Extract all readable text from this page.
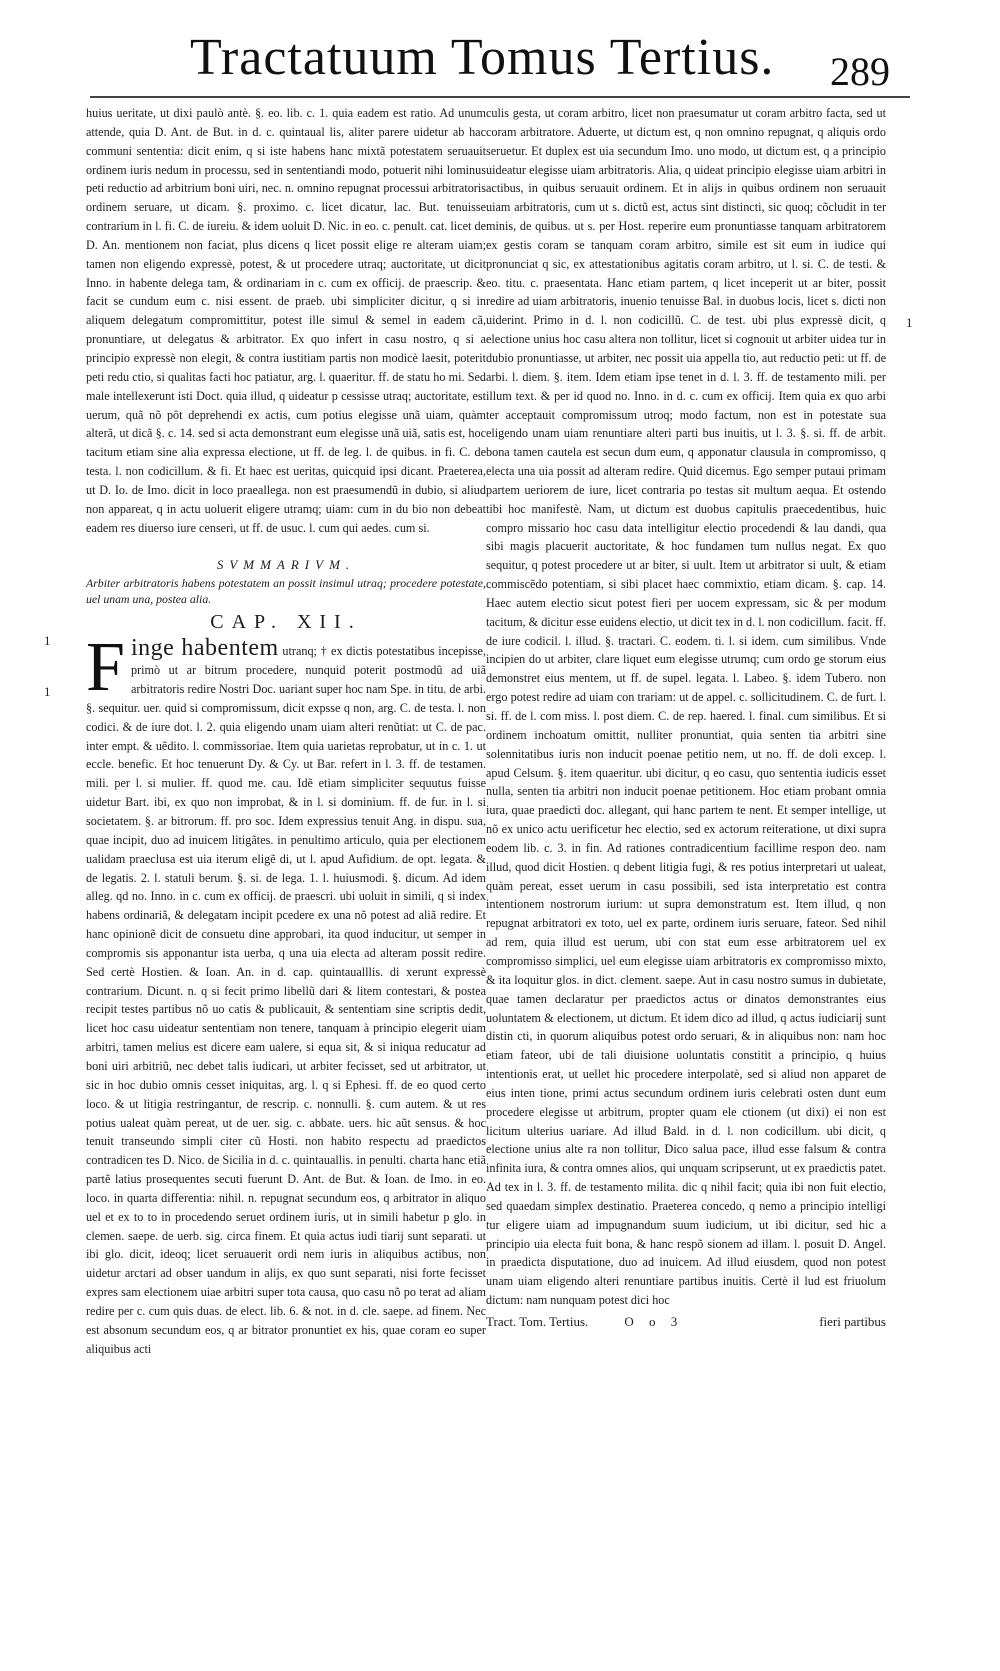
Tractatuum Tomus Tertius.	289

huius ueritate, ut dixi paulò antè. §. eo. lib. c. 1. quia eadem est ratio. Ad unum attende, quia D. Ant. de But. in d. c. quintaual lis, aliter parere uidetur ab hac communi sententia: dicit enim, q si iste habens hanc mixtã potestatem seruauit ordinem iuris nedum in processu, sed in sententiandi modo, potuerit nihi lominus peti reductio ad arbitrium boni uiri, nec. n. omnino repugnat processui arbitratoris ordinem seruare, ut dicam. §. proximo. c. licet dicatur, lac. But. tenuisse contrarium in l. fi. C. de iureiu. & idem uoluit D. Nic. in eo. c. penult. cat. licet de D. An. mentionem non faciat, plus dicens q licet possit elige re alteram uiam; tamen non eligendo expressè, potest, & ut procedere utraq; auctoritate, ut dicit Inno. in habente delega tam, & ordinariam in c. cum ex officij. de praescrip. & facit se cundum eum c. nisi essent. de praeb. ubi simpliciter dicitur, q si in aliquem delegatum compromittitur, potest ille simul & semel in eadem cã, pronuntiare, ut delegatus & arbitrator. Ex quo infert in casu nostro, q si a principio expressè non elegit, & contra iustitiam partis non modicè laesit, poterit peti redu ctio, si qualitas facti hoc patiatur, arg. l. quaeritur. ff. de statu ho mi. Sed male intellexerunt isti Doct. quia illud, q uideatur p cessisse utraq; auctoritate, est uerum, quã nõ pôt deprehendi ex actis, cum potius elegisse unã uiam, quàm alterã, ut dicã §. c. 14. sed si acta demonstrant eum elegisse unã uiã, satis est, hoc tacitum etiam sine alia expressa electione, ut ff. de leg. l. de quibus. in fi. C. de testa. l. non codicillum. & fi. Et haec est ueritas, quicquid ipsi dicant. Praeterea, ut D. Io. de Imo. dicit in loco praeallega. non est praesumendũ in dubio, si aliud non appareat, q in actu uoluerit eligere utramq; uiam: cum in du bio non debeat eadem res diuerso iure censeri, ut ff. de usuc. l. cum qui aedes. cum si.

SVMMARIVM.

Arbiter arbitratoris habens potestatem an possit insimul utraq; procedere potestate, uel unam una, postea alia.

CAP. XII.

Finge habentem utranq; † ex dictis potestatibus incepisse, primò ut ar bitrum procedere, nunquid poterit postmodû ad uiã arbitratoris redire Nostri Doc. uariant super hoc nam Spe. in titu. de arbi. §. sequitur. uer. quid si compromissum, dicit expsse q non, arg. C. de testa. l. non codici. & de iure dot. l. 2. quia eligendo unam uiam alteri renũtiat: ut C. de pac. inter empt. & uẽdito. l. commissoriae. Item quia uarietas reprobatur, ut in c. 1. ut eccle. benefic. Et hoc tenuerunt Dy. & Cy. ut Bar. refert in l. 3. ff. de testamen. mili. per l. si mulier. ff. quod me. cau. Idẽ etiam simpliciter sequutus fuisse uidetur Bart. ibi, ex quo non improbat, & in l. si dominium. ff. de fur. in l. si societatem. §. ar bitrorum. ff. pro soc. Idem expressius tenuit Ang. in dispu. sua, quae incipit, duo ad inuicem litigãtes. in penultimo articulo, quia per electionem ualidam praeclusa est uia iterum eligẽ di, ut l. apud Aufidium. de opt. legata. & de legatis. 2. l. statuli berum. §. si. de lega. 1. l. huiusmodi. §. dicum. Ad idem alleg. qd no. Inno. in c. cum ex officij. de praescri. ubi uoluit in simili, q si index habens ordinariã, & delegatam incipit pcedere ex una nõ potest ad aliã redire. Et hanc opinionẽ dicit de consuetu dine approbari, ita quod inducitur, ut semper in compromis sis apponantur ista uerba, q una uia electa ad alteram possit redire. Sed certè Hostien. & Ioan. An. in d. cap. quintaualllis. di xerunt expressè contrarium. Dicunt. n. q si fecit primo libellũ dari & litem contestari, & postea recipit testes partibus nõ uo catis & publicauit, & sententiam sine scriptis dedit, licet hoc casu uideatur sententiam non tenere, tanquam à principio elegerit uiam arbitri, tamen melius est dicere eam ualere, si equa sit, & si iniqua reducatur ad boni uiri arbitriũ, nec debet talis iudicari, ut arbiter fecisset, sed ut arbitrator, ut sic in hoc dubio omnis cesset iniquitas, arg. l. q si Ephesi. ff. de eo quod certo loco. & ut litigia restringantur, de rescrip. c. nonnulli. §. cum autem. & ut res potius ualeat quàm pereat, ut de uer. sig. c. abbate. uers. hic aũt sensus. & hoc tenuit transeundo simpli citer cũ Hosti. non habito respectu ad praedictos contradicen tes D. Nico. de Sicilia in d. c. quintauallis. in penulti. charta hanc etiã partẽ latius prosequentes secuti fuerunt D. Ant. de But. & Ioan. de Imo. in eo. loco. in quarta differentia: nihil. n. repugnat secundum eos, q arbitrator in aliquo uel et ex to to in procedendo seruet ordinem iuris, ut in simili habetur p glo. in clemen. saepe. de uerb. sig. circa finem. Et quia actus iudi tiarij sunt separati. ut ibi glo. dicit, ideoq; licet seruauerit ordi nem iuris in aliquibus actibus, non uidetur arctari ad obser uandum in alijs, ex quo sunt separati, nisi forte fecisset expres sam electionem uiae arbitri super tota causa, quo casu nõ po terat ad aliam redire per c. cum quis duas. de elect. lib. 6. & not. in d. cle. saepe. ad finem. Nec est absonum secundum eos, q ar bitrator pronuntiet ex his, quae coram eo super aliquibus acti

1
1

culis gesta, ut coram arbitro, licet non praesumatur ut coram arbitro facta, sed ut coram arbitratore. Aduerte, ut dictum est, q non omnino repugnat, q aliquis ordo seruetur. Et duplex est uia secundum Imo. uno modo, ut dictum est, q a principio uideatur elegisse uiam arbitratoris. Alia, q uideat principio elegisse uiam arbitri in actibus, in quibus seruauit ordinem. Et in alijs in quibus ordinem non seruauit uiam arbitratoris, cum ut s. dictũ est, actus sint distincti, sic quoq; cõcludit in ter minis, de quibus. ut s. per Host. reperire eum pronuntiasse tanquam arbitratorem ex gestis coram se tanquam coram arbitro, simile est sit eum in iudice qui pronunciat q sic, ex attestationibus agitatis coram arbitro, ut l. si. C. de testi. & eo. titu. c. praesentata. Hanc etiam partem, q licet inceperit ut ar biter, possit redire ad uiam arbitratoris, inuenio tenuisse Bal. in duobus locis, licet s. dicti non uiderint. Primo in d. l. non codicillũ. C. de test. ubi plus expressè dicit, q electione unius hoc casu altera non tollitur, licet si cognouit ut arbiter uidea tur in dubio pronuntiasse, ut arbiter, nec possit uia appella tio, aut reductio peti: ut ff. de arbi. l. diem. §. item. Idem etiam ipse tenet in d. l. 3. ff. de testamento mili. per illum text. & per id quod no. Inno. in d. c. cum ex officij. Item quia ex quo arbi ter acceptauit compromissum utroq; modo factum, non est in potestate sua eligendo unam uiam renuntiare alteri parti bus inuitis, ut l. 3. §. si. ff. de arbit. bona tamen cautela est secun dum eum, q apponatur clausula in compromisso, q electa una uia possit ad alteram redire. Quid dicemus. Ego semper putaui primam partem ueriorem de iure, licet contraria po testas sit multum aequa. Et ostendo tibi hoc manifestè. Nam, ut dictum est duobus capitulis praecedentibus, huic compro missario hoc casu data intelligitur electio procedendi & lau dandi, qua sibi magis placuerit auctoritate, & hoc fundamen tum nullus negat. Ex quo sequitur, q potest procedere ut ar biter, si uult. Item ut arbitrator si uult, & etiam commiscẽdo potentiam, si sibi placet haec commixtio, etiam dicam. §. cap. 14. Haec autem electio sicut potest fieri per uocem expressam, sic & per modum tacitum, & dicitur esse euidens electio, ut dicit tex in d. l. non codicillum. facit. ff. de iure codicil. l. illud. §. tractari. C. eodem. ti. l. si idem. cum similibus. Vnde incipien do ut arbiter, clare liquet eum elegisse utrumq; cum ordo ge storum eius demonstret eius mentem, ut ff. de supel. legata. l. Labeo. §. idem Tubero. non ergo potest redire ad uiam con trariam: ut de appel. c. sollicitudinem. C. de furt. l. si. ff. de l. com miss. l. post diem. C. de rep. haered. l. final. cum similibus. Et si ordinem inchoatum omittit, nulliter pronuntiat, quia senten tia arbitri sine solennitatibus iuris non inducit poenae petitio nem, ut no. ff. de doli excep. l. apud Celsum. §. item quaeritur. ubi dicitur, q eo casu, quo sententia iudicis esset nulla, senten tia arbitri non inducit poenae petitionem. Hoc etiam probant omnia iura, quae praedicti doc. allegant, qui hanc partem te nent. Et semper intellige, ut nõ ex unico actu uerificetur hec electio, sed ex actorum reiteratione, ut dixi supra eodem lib. c. 3. in fin. Ad rationes contradicentium facillime respon deo. nam illud, quod dicit Hostien. q debent litigia fugi, & res potius interpretari ut ualeat, quàm pereat, esset uerum in casu possibili, sed ista interpretatio est contra intentionem nostrorum iurium: ut supra demonstratum est. Item illud, q non repugnat arbitratori ex toto, uel ex parte, ordinem iuris seruare, fateor. Sed nihil ad rem, quia illud est uerum, ubi con stat eum esse arbitratorem uel ex compromisso simplici, uel eum elegisse uiam arbitratoris ex compromisso mixto, & ita loquitur glos. in dict. clement. saepe. Aut in casu nostro sumus in dubietate, quae tamen declaratur per praedictos actus or dinatos demonstrantes eius uoluntatem & electionem, ut dictum. Et idem dico ad illud, q actus iudiciarij sunt distin cti, in quorum aliquibus potest ordo seruari, & in aliquibus non: nam hoc etiam fateor, ubi de tali diuisione uoluntatis constitit a principio, q huius intentionis erat, ut uellet hic procedere interpolatè, sed si aliud non apparet de eius inten tione, primi actus secundum ordinem iuris celebrati osten dunt eum procedere elegisse ut arbitrum, propter quam ele ctionem (ut dixi) ei non est licitum ulterius uariare. Ad illud Bald. in d. l. non codicillum. ubi dicit, q electione unius alte ra non tollitur, Dico salua pace, illud esse falsum & contra infinita iura, & contra omnes alios, qui unquam scripserunt, ut ex praedictis patet. Ad tex in l. 3. ff. de testamento milita. dic q nihil facit; quia ibi non fuit electio, sed quaedam simplex destinatio. Praeterea concedo, q nemo a principio intelligi tur eligere uiam ad impugnandum suum iudicium, ut ibi dicitur, sed hic a principio uia electa fuit bona, & hanc respõ sionem ad illam. l. posuit D. Angel. in praedicta disputatione, duo ad inuicem. Ad illud eiusdem, quod non potest unam uiam eligendo alteri renuntiare partibus inuitis. Certè il lud est friuolum dictum: nam nunquam potest dici hoc

Tract. Tom. Tertius.	O o 3	fieri partibus

1
